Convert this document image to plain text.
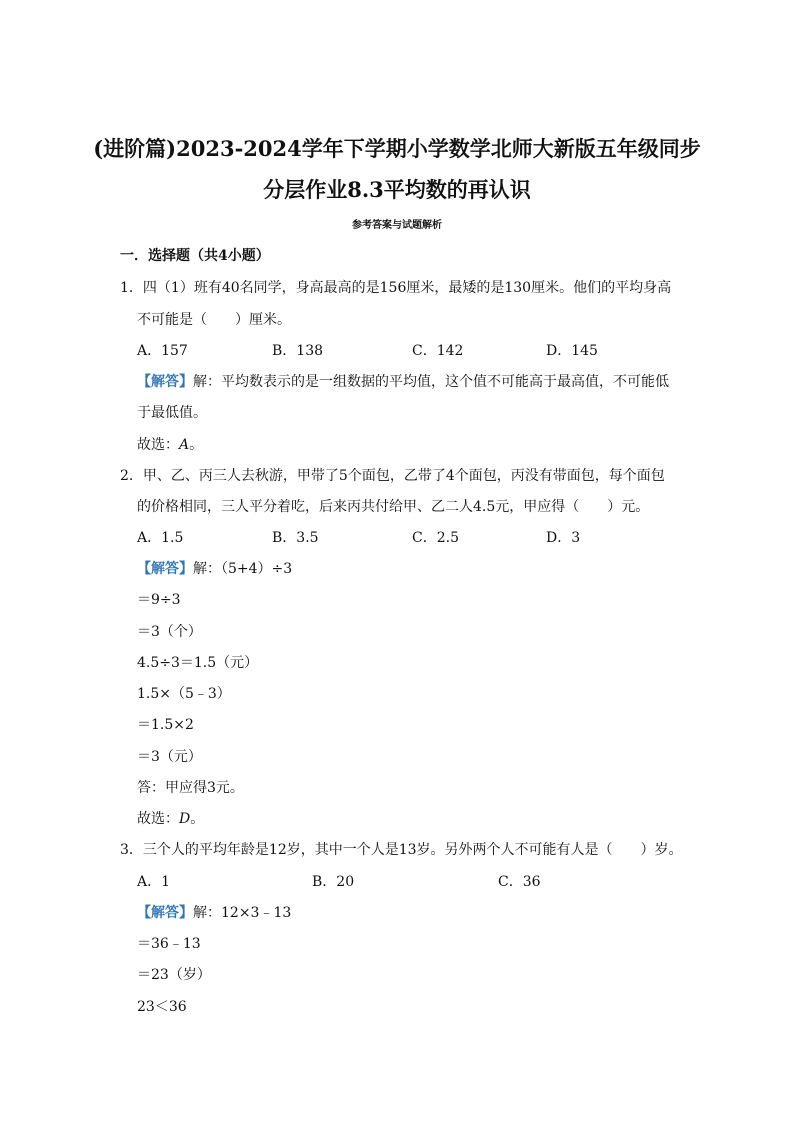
(进阶篇)2023-2024学年下学期小学数学北师大新版五年级同步
分层作业8.3平均数的再认识
参考答案与试题解析
一．选择题（共4小题）
1．四（1）班有40名同学，身高最高的是156厘米，最矮的是130厘米。他们的平均身高
不可能是（　　）厘米。
A．157	B．138	C．142	D．145
【解答】解：平均数表示的是一组数据的平均值，这个值不可能高于最高值，不可能低
于最低值。
故选：A。
2．甲、乙、丙三人去秋游，甲带了5个面包，乙带了4个面包，丙没有带面包，每个面包
的价格相同，三人平分着吃，后来丙共付给甲、乙二人4.5元，甲应得（　　）元。
A．1.5	B．3.5	C．2.5	D．3
【解答】解：（5+4）÷3
＝9÷3
＝3（个）
4.5÷3＝1.5（元）
1.5×（5﹣3）
＝1.5×2
＝3（元）
答：甲应得3元。
故选：D。
3．三个人的平均年龄是12岁，其中一个人是13岁。另外两个人不可能有人是（　　）岁。
A．1	B．20	C．36
【解答】解：12×3﹣13
＝36﹣13
＝23（岁）
23＜36
